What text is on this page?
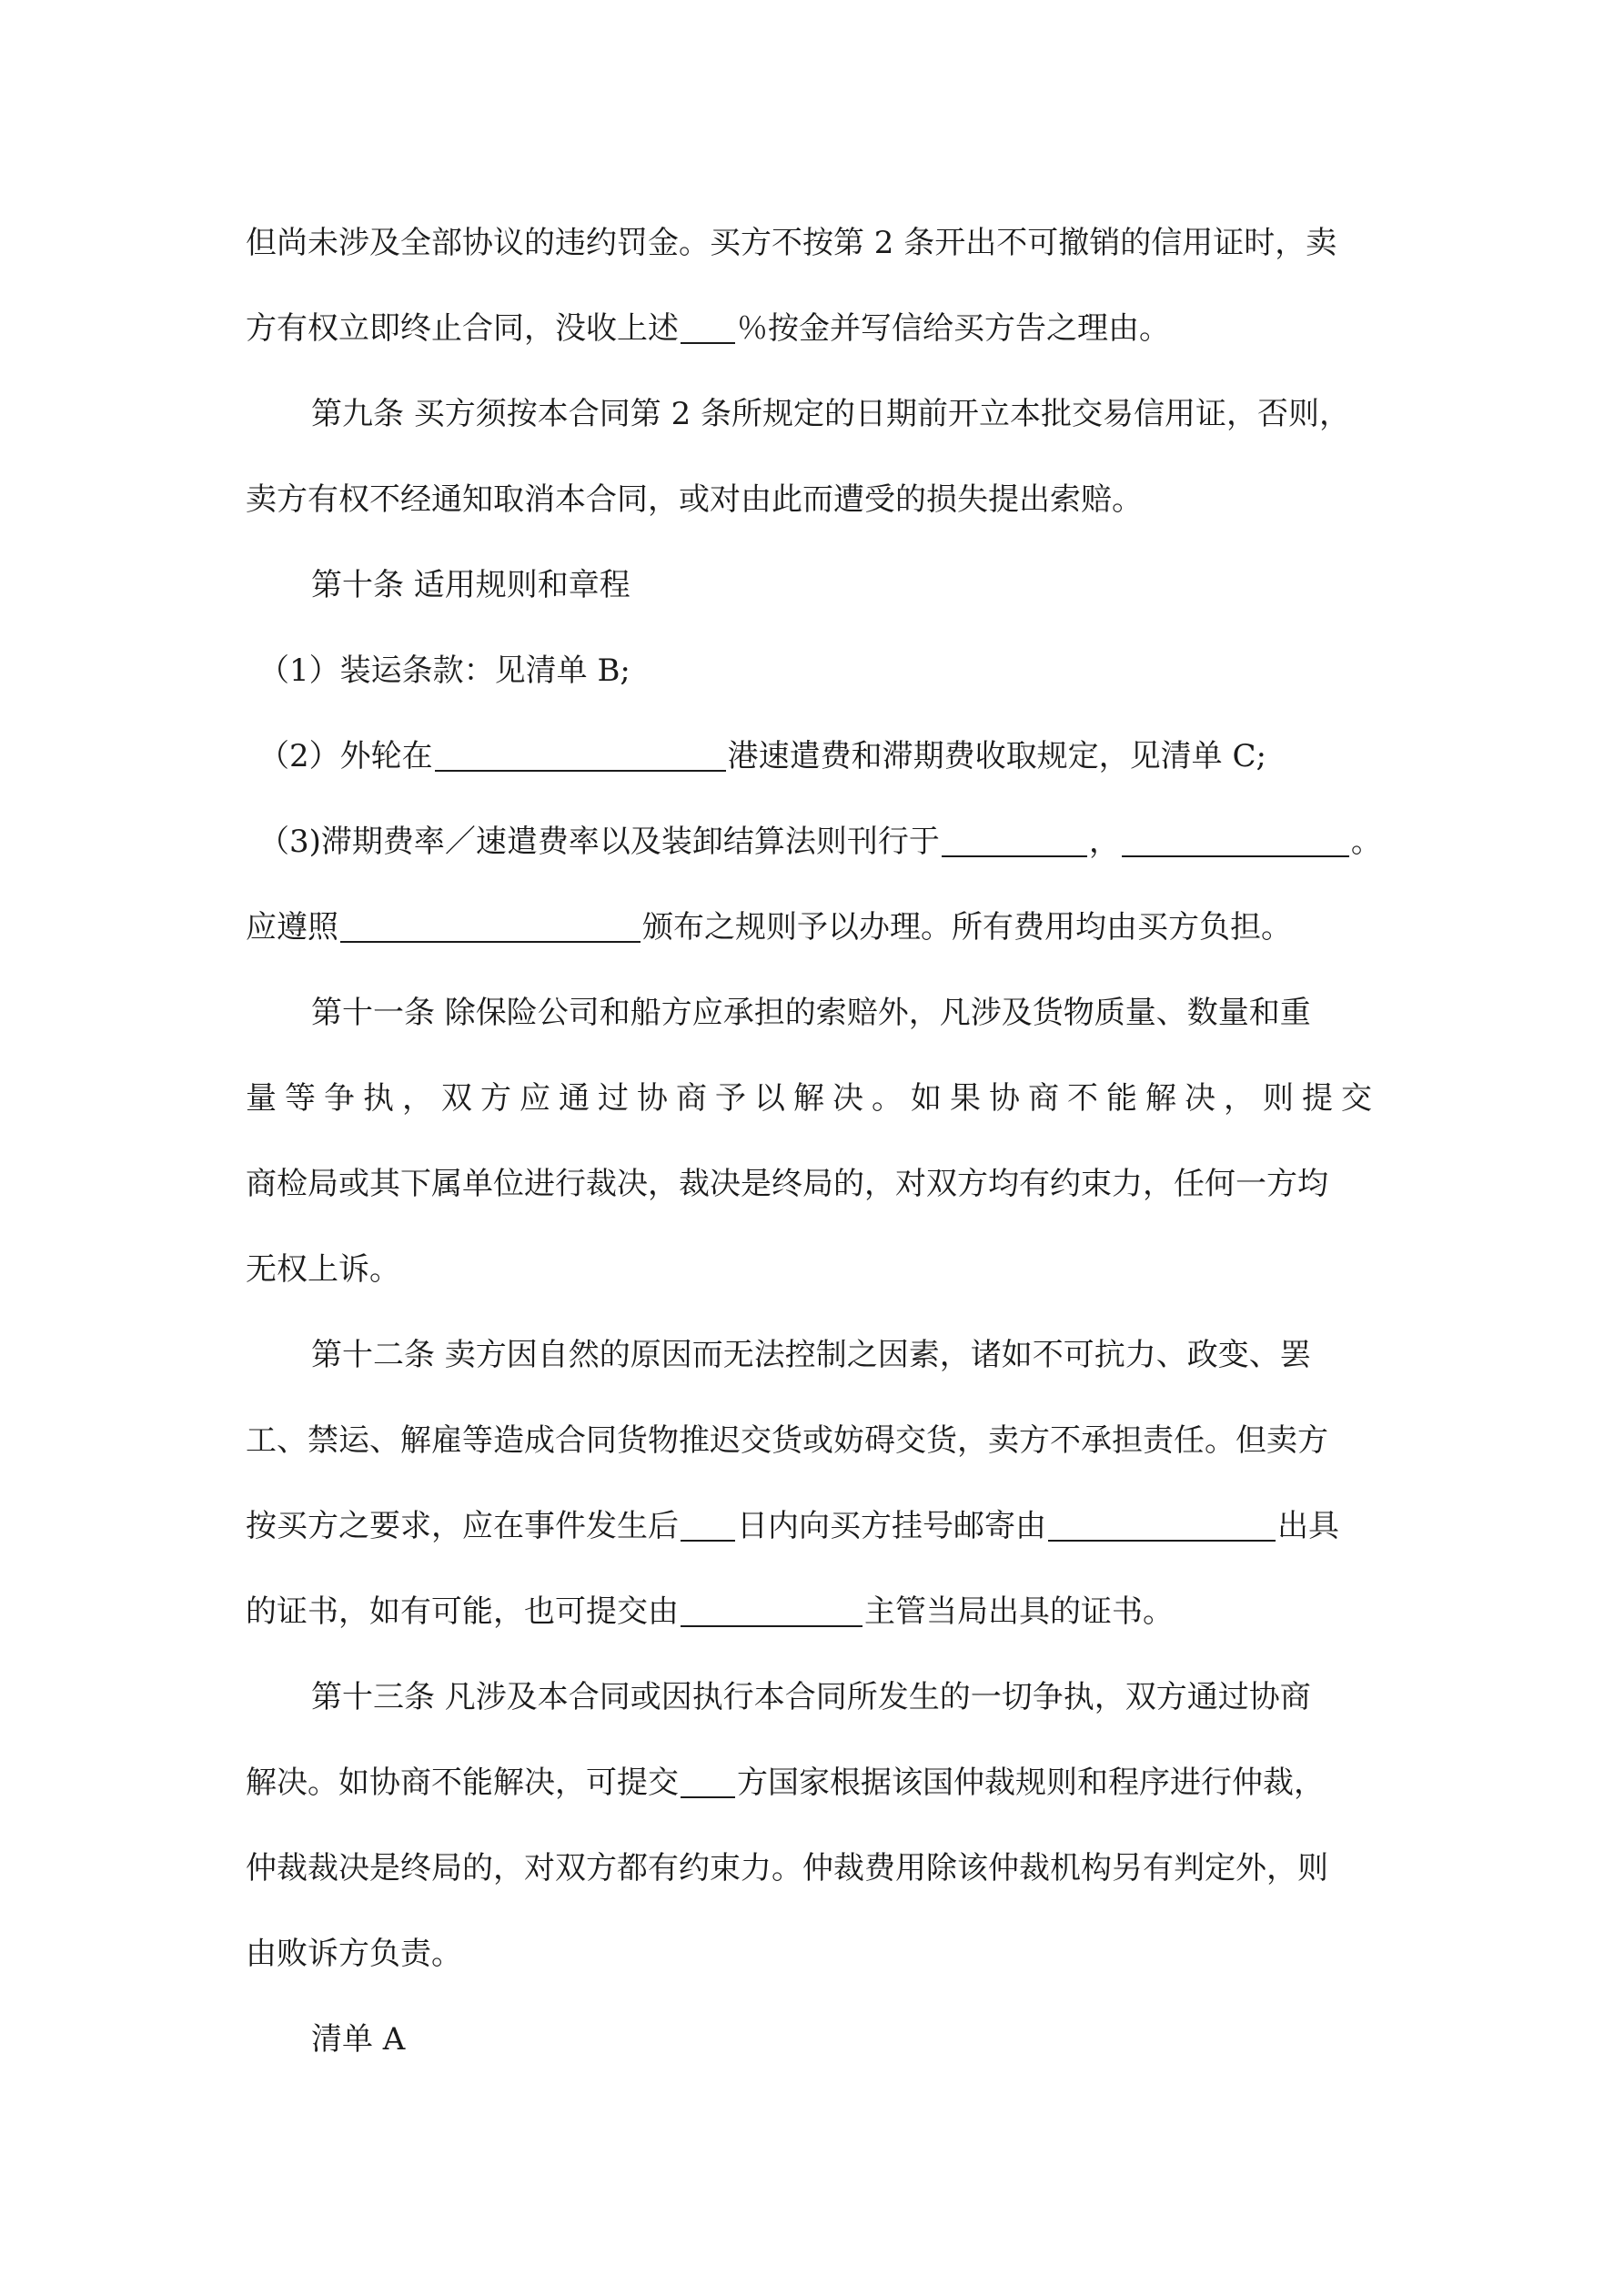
但尚未涉及全部协议的违约罚金。买方不按第 2 条开出不可撤销的信用证时，卖
方有权立即终止合同，没收上述 ％按金并写信给买方告之理由。
第九条 买方须按本合同第 2 条所规定的日期前开立本批交易信用证，否则，
卖方有权不经通知取消本合同，或对由此而遭受的损失提出索赔。
第十条 适用规则和章程
（1）装运条款：见清单 B;
（2）外轮在	港速遣费和滞期费收取规定，见清单 C;
（3)滞期费率／速遣费率以及装卸结算法则刊行于	，	。
应遵照	颁布之规则予以办理。所有费用均由买方负担。
第十一条 除保险公司和船方应承担的索赔外，凡涉及货物质量、数量和重
量等争执，双方应通过协商予以解决。如果协商不能解决，则提交
商检局或其下属单位进行裁决，裁决是终局的，对双方均有约束力，任何一方均
无权上诉。
第十二条 卖方因自然的原因而无法控制之因素，诸如不可抗力、政变、罢
工、禁运、解雇等造成合同货物推迟交货或妨碍交货，卖方不承担责任。但卖方
按买方之要求，应在事件发生后 日内向买方挂号邮寄由	出具
的证书，如有可能，也可提交由	主管当局出具的证书。
第十三条 凡涉及本合同或因执行本合同所发生的一切争执，双方通过协商
解决。如协商不能解决，可提交 方国家根据该国仲裁规则和程序进行仲裁，
仲裁裁决是终局的，对双方都有约束力。仲裁费用除该仲裁机构另有判定外，则
由败诉方负责。
清单 A
